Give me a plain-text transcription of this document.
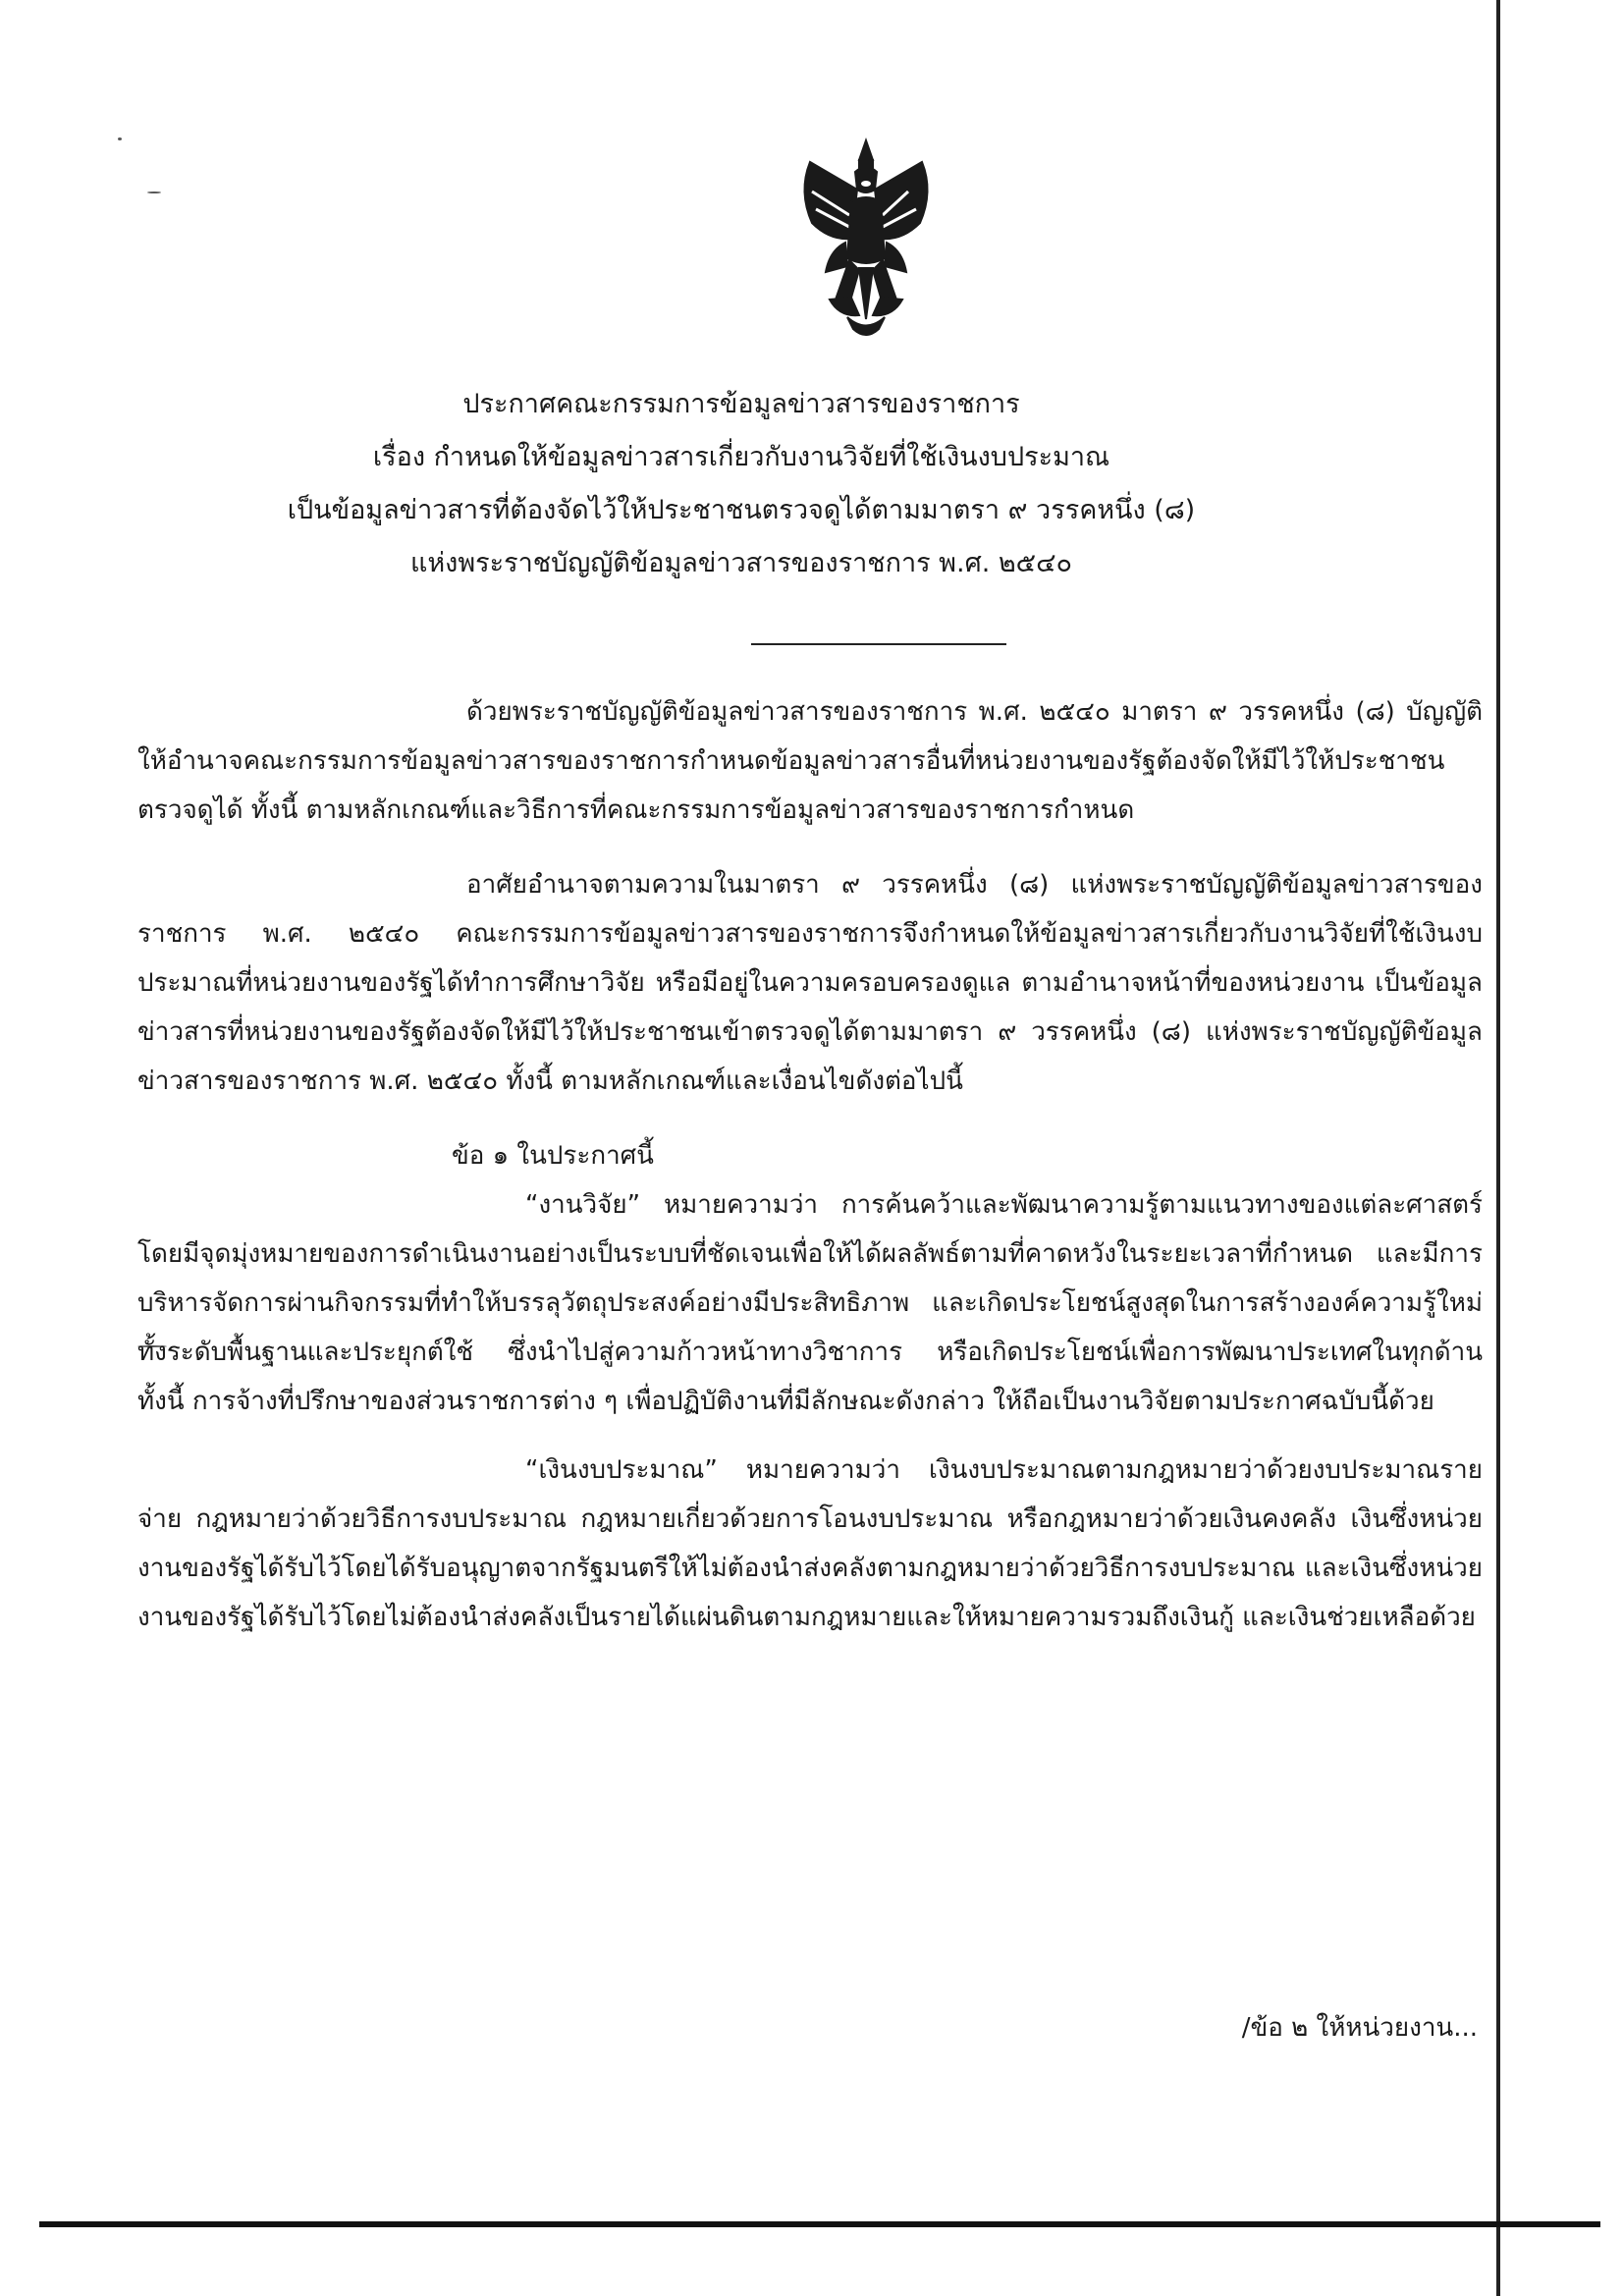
ประกาศคณะกรรมการข้อมูลข่าวสารของราชการ
เรื่อง กำหนดให้ข้อมูลข่าวสารเกี่ยวกับงานวิจัยที่ใช้เงินงบประมาณ
เป็นข้อมูลข่าวสารที่ต้องจัดไว้ให้ประชาชนตรวจดูได้ตามมาตรา ๙ วรรคหนึ่ง (๘)
แห่งพระราชบัญญัติข้อมูลข่าวสารของราชการ พ.ศ. ๒๕๔๐

ด้วยพระราชบัญญัติข้อมูลข่าวสารของราชการ พ.ศ. ๒๕๔๐ มาตรา ๙ วรรคหนึ่ง (๘) บัญญัติให้อำนาจคณะกรรมการข้อมูลข่าวสารของราชการกำหนดข้อมูลข่าวสารอื่นที่หน่วยงานของรัฐต้องจัดให้มีไว้ให้ประชาชนตรวจดูได้ ทั้งนี้ ตามหลักเกณฑ์และวิธีการที่คณะกรรมการข้อมูลข่าวสารของราชการกำหนด

อาศัยอำนาจตามความในมาตรา ๙ วรรคหนึ่ง (๘) แห่งพระราชบัญญัติข้อมูลข่าวสารของราชการ พ.ศ. ๒๕๔๐ คณะกรรมการข้อมูลข่าวสารของราชการจึงกำหนดให้ข้อมูลข่าวสารเกี่ยวกับงานวิจัยที่ใช้เงินงบประมาณที่หน่วยงานของรัฐได้ทำการศึกษาวิจัย หรือมีอยู่ในความครอบครองดูแล ตามอำนาจหน้าที่ของหน่วยงาน เป็นข้อมูลข่าวสารที่หน่วยงานของรัฐต้องจัดให้มีไว้ให้ประชาชนเข้าตรวจดูได้ตามมาตรา ๙ วรรคหนึ่ง (๘) แห่งพระราชบัญญัติข้อมูลข่าวสารของราชการ พ.ศ. ๒๕๔๐ ทั้งนี้ ตามหลักเกณฑ์และเงื่อนไขดังต่อไปนี้

ข้อ ๑ ในประกาศนี้

“งานวิจัย” หมายความว่า การค้นคว้าและพัฒนาความรู้ตามแนวทางของแต่ละศาสตร์ โดยมีจุดมุ่งหมายของการดำเนินงานอย่างเป็นระบบที่ชัดเจนเพื่อให้ได้ผลลัพธ์ตามที่คาดหวังในระยะเวลาที่กำหนด และมีการบริหารจัดการผ่านกิจกรรมที่ทำให้บรรลุวัตถุประสงค์อย่างมีประสิทธิภาพ และเกิดประโยชน์สูงสุดในการสร้างองค์ความรู้ใหม่ทั้งระดับพื้นฐานและประยุกต์ใช้ ซึ่งนำไปสู่ความก้าวหน้าทางวิชาการ หรือเกิดประโยชน์เพื่อการพัฒนาประเทศในทุกด้าน ทั้งนี้ การจ้างที่ปรึกษาของส่วนราชการต่าง ๆ เพื่อปฏิบัติงานที่มีลักษณะดังกล่าว ให้ถือเป็นงานวิจัยตามประกาศฉบับนี้ด้วย

“เงินงบประมาณ” หมายความว่า เงินงบประมาณตามกฎหมายว่าด้วยงบประมาณรายจ่าย กฎหมายว่าด้วยวิธีการงบประมาณ กฎหมายเกี่ยวด้วยการโอนงบประมาณ หรือกฎหมายว่าด้วยเงินคงคลัง เงินซึ่งหน่วยงานของรัฐได้รับไว้โดยได้รับอนุญาตจากรัฐมนตรีให้ไม่ต้องนำส่งคลังตามกฎหมายว่าด้วยวิธีการงบประมาณ และเงินซึ่งหน่วยงานของรัฐได้รับไว้โดยไม่ต้องนำส่งคลังเป็นรายได้แผ่นดินตามกฎหมายและให้หมายความรวมถึงเงินกู้ และเงินช่วยเหลือด้วย

/ข้อ ๒ ให้หน่วยงาน...
